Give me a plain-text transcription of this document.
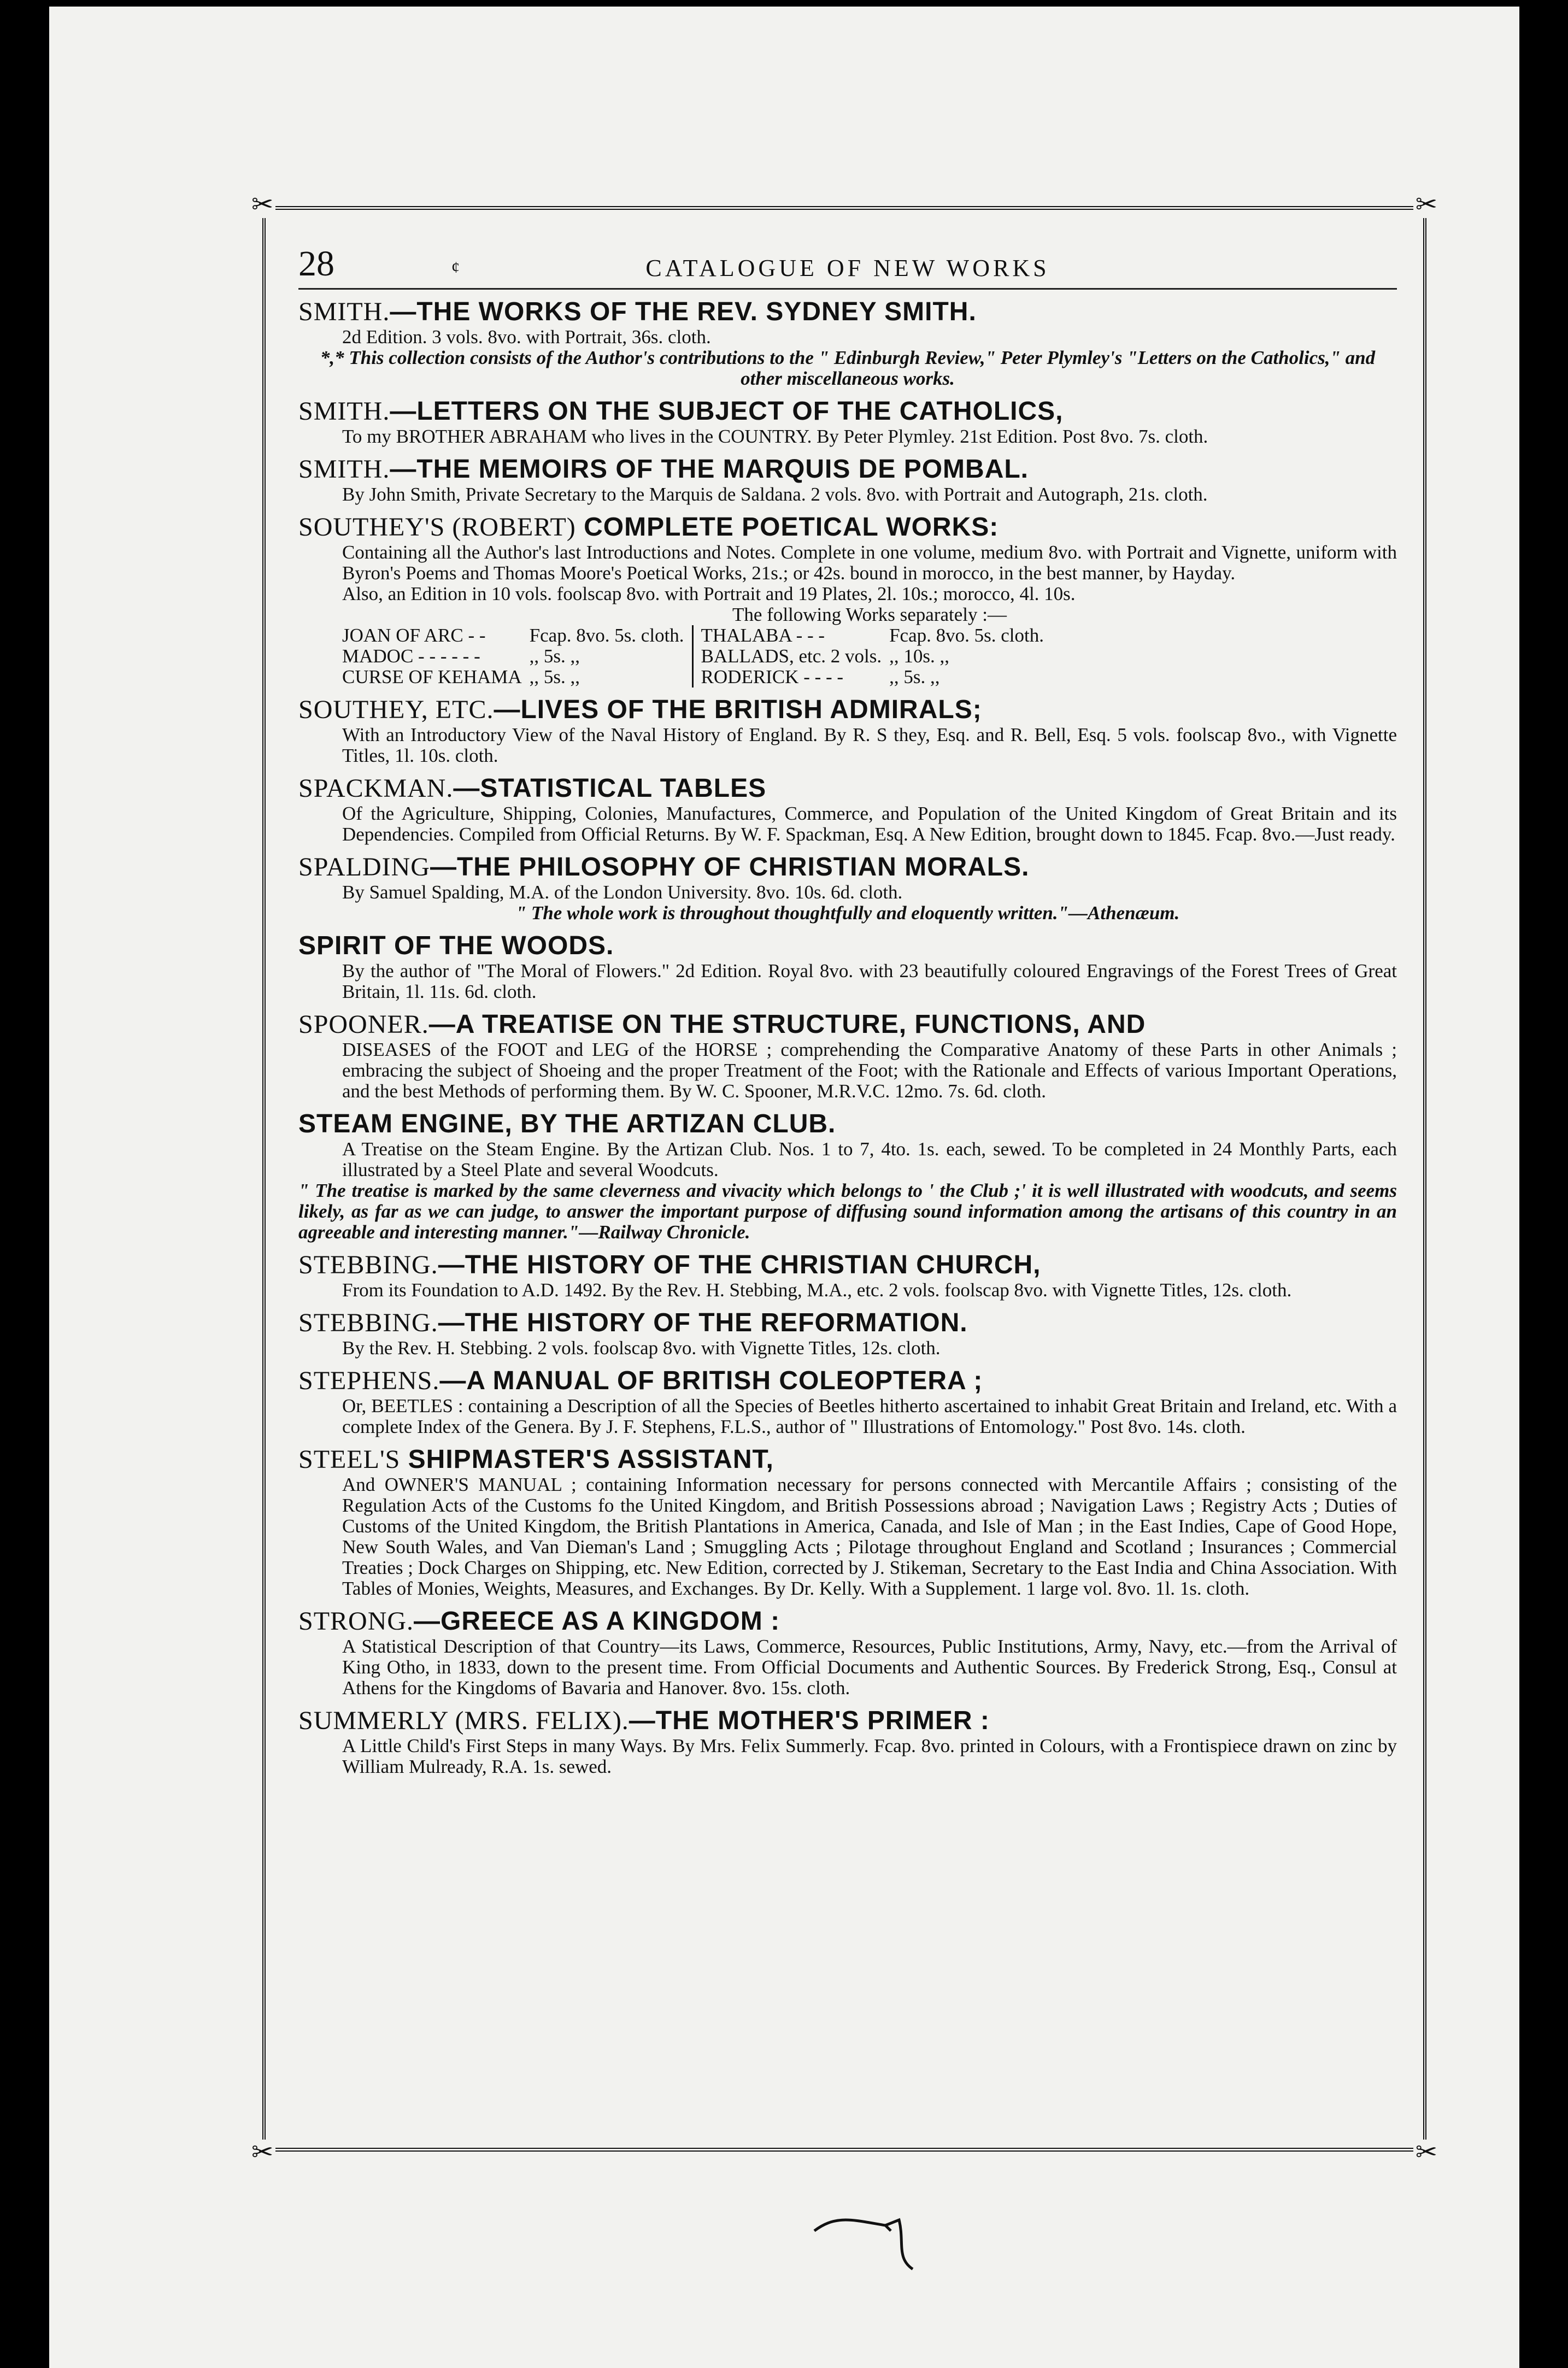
✂	✂
✂	✂
28	¢	CATALOGUE OF NEW WORKS
SMITH.—THE WORKS OF THE REV. SYDNEY SMITH.
2d Edition. 3 vols. 8vo. with Portrait, 36s. cloth.
*,* This collection consists of the Author's contributions to the " Edinburgh Review," Peter Plymley's "Letters on the Catholics," and other miscellaneous works.
SMITH.—LETTERS ON THE SUBJECT OF THE CATHOLICS,
To my BROTHER ABRAHAM who lives in the COUNTRY. By Peter Plymley. 21st Edition. Post 8vo. 7s. cloth.
SMITH.—THE MEMOIRS OF THE MARQUIS DE POMBAL.
By John Smith, Private Secretary to the Marquis de Saldana. 2 vols. 8vo. with Portrait and Autograph, 21s. cloth.
SOUTHEY'S (ROBERT) COMPLETE POETICAL WORKS:
Containing all the Author's last Introductions and Notes. Complete in one volume, medium 8vo. with Portrait and Vignette, uniform with Byron's Poems and Thomas Moore's Poetical Works, 21s.; or 42s. bound in morocco, in the best manner, by Hayday.
Also, an Edition in 10 vols. foolscap 8vo. with Portrait and 19 Plates, 2l. 10s.; morocco, 4l. 10s.
The following Works separately :—
JOAN OF ARC - -	Fcap. 8vo. 5s. cloth.	THALABA - - -	Fcap. 8vo. 5s. cloth.
MADOC - - - - - -	,, 5s. ,,	BALLADS, etc. 2 vols.	,, 10s. ,,
CURSE OF KEHAMA	,, 5s. ,,	RODERICK - - - -	,, 5s. ,,
SOUTHEY, ETC.—LIVES OF THE BRITISH ADMIRALS;
With an Introductory View of the Naval History of England. By R. S they, Esq. and R. Bell, Esq. 5 vols. foolscap 8vo., with Vignette Titles, 1l. 10s. cloth.
SPACKMAN.—STATISTICAL TABLES
Of the Agriculture, Shipping, Colonies, Manufactures, Commerce, and Population of the United Kingdom of Great Britain and its Dependencies. Compiled from Official Returns. By W. F. Spackman, Esq. A New Edition, brought down to 1845. Fcap. 8vo.—Just ready.
SPALDING—THE PHILOSOPHY OF CHRISTIAN MORALS.
By Samuel Spalding, M.A. of the London University. 8vo. 10s. 6d. cloth.
" The whole work is throughout thoughtfully and eloquently written."—Athenæum.
SPIRIT OF THE WOODS.
By the author of "The Moral of Flowers." 2d Edition. Royal 8vo. with 23 beautifully coloured Engravings of the Forest Trees of Great Britain, 1l. 11s. 6d. cloth.
SPOONER.—A TREATISE ON THE STRUCTURE, FUNCTIONS, AND
DISEASES of the FOOT and LEG of the HORSE ; comprehending the Comparative Anatomy of these Parts in other Animals ; embracing the subject of Shoeing and the proper Treatment of the Foot; with the Rationale and Effects of various Important Operations, and the best Methods of performing them. By W. C. Spooner, M.R.V.C. 12mo. 7s. 6d. cloth.
STEAM ENGINE, BY THE ARTIZAN CLUB.
A Treatise on the Steam Engine. By the Artizan Club. Nos. 1 to 7, 4to. 1s. each, sewed. To be completed in 24 Monthly Parts, each illustrated by a Steel Plate and several Woodcuts.
" The treatise is marked by the same cleverness and vivacity which belongs to ' the Club ;' it is well illustrated with woodcuts, and seems likely, as far as we can judge, to answer the important purpose of diffusing sound information among the artisans of this country in an agreeable and interesting manner."—Railway Chronicle.
STEBBING.—THE HISTORY OF THE CHRISTIAN CHURCH,
From its Foundation to A.D. 1492. By the Rev. H. Stebbing, M.A., etc. 2 vols. foolscap 8vo. with Vignette Titles, 12s. cloth.
STEBBING.—THE HISTORY OF THE REFORMATION.
By the Rev. H. Stebbing. 2 vols. foolscap 8vo. with Vignette Titles, 12s. cloth.
STEPHENS.—A MANUAL OF BRITISH COLEOPTERA ;
Or, BEETLES : containing a Description of all the Species of Beetles hitherto ascertained to inhabit Great Britain and Ireland, etc. With a complete Index of the Genera. By J. F. Stephens, F.L.S., author of " Illustrations of Entomology." Post 8vo. 14s. cloth.
STEEL'S SHIPMASTER'S ASSISTANT,
And OWNER'S MANUAL ; containing Information necessary for persons connected with Mercantile Affairs ; consisting of the Regulation Acts of the Customs fo the United Kingdom, and British Possessions abroad ; Navigation Laws ; Registry Acts ; Duties of Customs of the United Kingdom, the British Plantations in America, Canada, and Isle of Man ; in the East Indies, Cape of Good Hope, New South Wales, and Van Dieman's Land ; Smuggling Acts ; Pilotage throughout England and Scotland ; Insurances ; Commercial Treaties ; Dock Charges on Shipping, etc. New Edition, corrected by J. Stikeman, Secretary to the East India and China Association. With Tables of Monies, Weights, Measures, and Exchanges. By Dr. Kelly. With a Supplement. 1 large vol. 8vo. 1l. 1s. cloth.
STRONG.—GREECE AS A KINGDOM :
A Statistical Description of that Country—its Laws, Commerce, Resources, Public Institutions, Army, Navy, etc.—from the Arrival of King Otho, in 1833, down to the present time. From Official Documents and Authentic Sources. By Frederick Strong, Esq., Consul at Athens for the Kingdoms of Bavaria and Hanover. 8vo. 15s. cloth.
SUMMERLY (MRS. FELIX).—THE MOTHER'S PRIMER :
A Little Child's First Steps in many Ways. By Mrs. Felix Summerly. Fcap. 8vo. printed in Colours, with a Frontispiece drawn on zinc by William Mulready, R.A. 1s. sewed.
